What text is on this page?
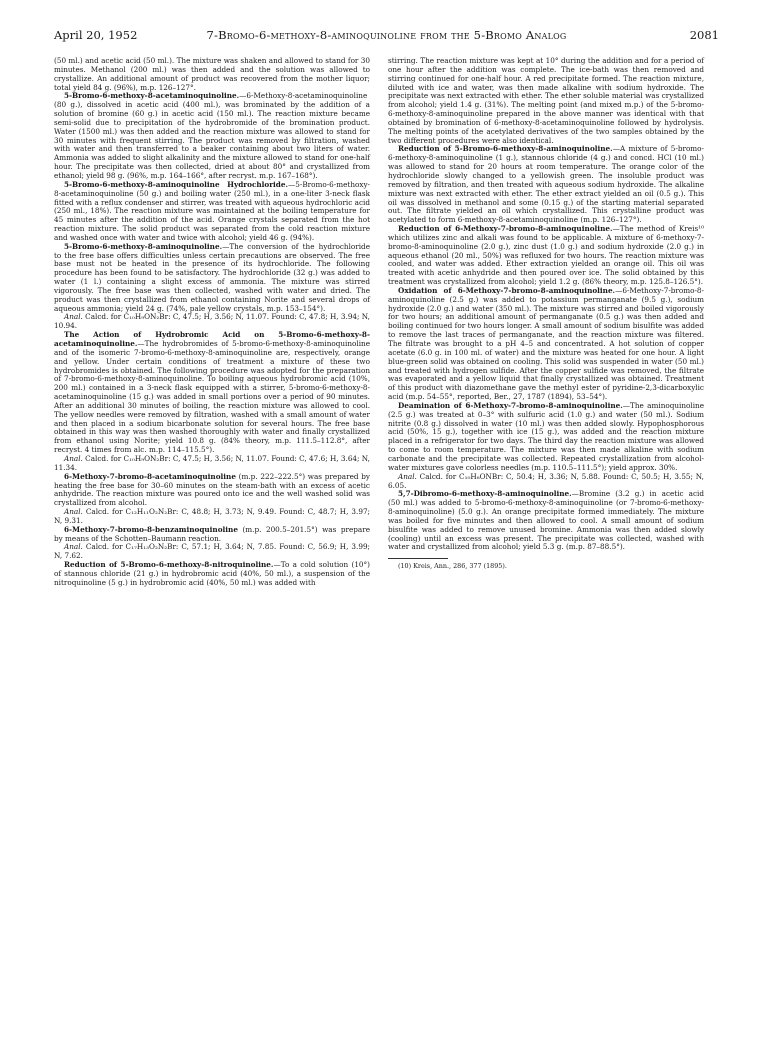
April 20, 1952	7-Bromo-6-methoxy-8-aminoquinoline from the 5-Bromo Analog	2081

(50 ml.) and acetic acid (50 ml.). The mixture was shaken and allowed to stand for 30 minutes. Methanol (200 ml.) was then added and the solution was allowed to crystallize. An additional amount of product was recovered from the mother liquor; total yield 84 g. (96%), m.p. 126–127°.

5-Bromo-6-methoxy-8-acetaminoquinoline.—6-Methoxy-8-acetaminoquinoline (80 g.), dissolved in acetic acid (400 ml.), was brominated by the addition of a solution of bromine (60 g.) in acetic acid (150 ml.). The reaction mixture became semi-solid due to precipitation of the hydrobromide of the bromination product. Water (1500 ml.) was then added and the reaction mixture was allowed to stand for 30 minutes with frequent stirring. The product was removed by filtration, washed with water and then transferred to a beaker containing about two liters of water. Ammonia was added to slight alkalinity and the mixture allowed to stand for one-half hour. The precipitate was then collected, dried at about 80° and crystallized from ethanol; yield 98 g. (96%, m.p. 164–166°, after recryst. m.p. 167–168°).

5-Bromo-6-methoxy-8-aminoquinoline Hydrochloride.—5-Bromo-6-methoxy-8-acetaminoquinoline (50 g.) and boiling water (250 ml.), in a one-liter 3-neck flask fitted with a reflux condenser and stirrer, was treated with aqueous hydrochloric acid (250 ml., 18%). The reaction mixture was maintained at the boiling temperature for 45 minutes after the addition of the acid. Orange crystals separated from the hot reaction mixture. The solid product was separated from the cold reaction mixture and washed once with water and twice with alcohol; yield 46 g. (94%).

5-Bromo-6-methoxy-8-aminoquinoline.—The conversion of the hydrochloride to the free base offers difficulties unless certain precautions are observed. The free base must not be heated in the presence of its hydrochloride. The following procedure has been found to be satisfactory. The hydrochloride (32 g.) was added to water (1 l.) containing a slight excess of ammonia. The mixture was stirred vigorously. The free base was then collected, washed with water and dried. The product was then crystallized from ethanol containing Norite and several drops of aqueous ammonia; yield 24 g. (74%, pale yellow crystals, m.p. 153–154°).

Anal. Calcd. for C₁₀H₉ON₂Br: C, 47.5; H, 3.56; N, 11.07. Found: C, 47.8; H, 3.94; N, 10.94.

The Action of Hydrobromic Acid on 5-Bromo-6-methoxy-8-acetaminoquinoline.—The hydrobromides of 5-bromo-6-methoxy-8-aminoquinoline and of the isomeric 7-bromo-6-methoxy-8-aminoquinoline are, respectively, orange and yellow. Under certain conditions of treatment a mixture of these two hydrobromides is obtained. The following procedure was adopted for the preparation of 7-bromo-6-methoxy-8-aminoquinoline. To boiling aqueous hydrobromic acid (10%, 200 ml.) contained in a 3-neck flask equipped with a stirrer, 5-bromo-6-methoxy-8-acetaminoquinoline (15 g.) was added in small portions over a period of 90 minutes. After an additional 30 minutes of boiling, the reaction mixture was allowed to cool. The yellow needles were removed by filtration, washed with a small amount of water and then placed in a sodium bicarbonate solution for several hours. The free base obtained in this way was then washed thoroughly with water and finally crystallized from ethanol using Norite; yield 10.8 g. (84% theory, m.p. 111.5–112.8°, after recryst. 4 times from alc. m.p. 114–115.5°).

Anal. Calcd. for C₁₀H₉ON₂Br: C, 47.5; H, 3.56; N, 11.07. Found: C, 47.6; H, 3.64; N, 11.34.

6-Methoxy-7-bromo-8-acetaminoquinoline (m.p. 222–222.5°) was prepared by heating the free base for 30–60 minutes on the steam-bath with an excess of acetic anhydride. The reaction mixture was poured onto ice and the well washed solid was crystallized from alcohol.

Anal. Calcd. for C₁₂H₁₁O₂N₂Br: C, 48.8; H, 3.73; N, 9.49. Found: C, 48.7; H, 3.97; N, 9.31.

6-Methoxy-7-bromo-8-benzaminoquinoline (m.p. 200.5–201.5°) was prepare by means of the Schotten–Baumann reaction.

Anal. Calcd. for C₁₇H₁₃O₂N₂Br: C, 57.1; H, 3.64; N, 7.85. Found: C, 56.9; H, 3.99; N, 7.62.

Reduction of 5-Bromo-6-methoxy-8-nitroquinoline.—To a cold solution (10°) of stannous chloride (21 g.) in hydrobromic acid (40%, 50 ml.), a suspension of the nitroquinoline (5 g.) in hydrobromic acid (40%, 50 ml.) was added with

stirring. The reaction mixture was kept at 10° during the addition and for a period of one hour after the addition was complete. The ice-bath was then removed and stirring continued for one-half hour. A red precipitate formed. The reaction mixture, diluted with ice and water, was then made alkaline with sodium hydroxide. The precipitate was next extracted with ether. The ether soluble material was crystallized from alcohol; yield 1.4 g. (31%). The melting point (and mixed m.p.) of the 5-bromo-6-methoxy-8-aminoquinoline prepared in the above manner was identical with that obtained by bromination of 6-methoxy-8-acetaminoquinoline followed by hydrolysis. The melting points of the acetylated derivatives of the two samples obtained by the two different procedures were also identical.

Reduction of 5-Bromo-6-methoxy-8-aminoquinoline.—A mixture of 5-bromo-6-methoxy-8-aminoquinoline (1 g.), stannous chloride (4 g.) and concd. HCl (10 ml.) was allowed to stand for 20 hours at room temperature. The orange color of the hydrochloride slowly changed to a yellowish green. The insoluble product was removed by filtration, and then treated with aqueous sodium hydroxide. The alkaline mixture was next extracted with ether. The ether extract yielded an oil (0.5 g.). This oil was dissolved in methanol and some (0.15 g.) of the starting material separated out. The filtrate yielded an oil which crystallized. This crystalline product was acetylated to form 6-methoxy-8-acetaminoquinoline (m.p. 126–127°).

Reduction of 6-Methoxy-7-bromo-8-aminoquinoline.—The method of Kreis¹⁰ which utilizes zinc and alkali was found to be applicable. A mixture of 6-methoxy-7-bromo-8-aminoquinoline (2.0 g.), zinc dust (1.0 g.) and sodium hydroxide (2.0 g.) in aqueous ethanol (20 ml., 50%) was refluxed for two hours. The reaction mixture was cooled, and water was added. Ether extraction yielded an orange oil. This oil was treated with acetic anhydride and then poured over ice. The solid obtained by this treatment was crystallized from alcohol; yield 1.2 g. (86% theory, m.p. 125.8–126.5°).

Oxidation of 6-Methoxy-7-bromo-8-aminoquinoline.—6-Methoxy-7-bromo-8-aminoquinoline (2.5 g.) was added to potassium permanganate (9.5 g.), sodium hydroxide (2.0 g.) and water (350 ml.). The mixture was stirred and boiled vigorously for two hours; an additional amount of permanganate (0.5 g.) was then added and boiling continued for two hours longer. A small amount of sodium bisulfite was added to remove the last traces of permanganate, and the reaction mixture was filtered. The filtrate was brought to a pH 4–5 and concentrated. A hot solution of copper acetate (6.0 g. in 100 ml. of water) and the mixture was heated for one hour. A light blue-green solid was obtained on cooling. This solid was suspended in water (50 ml.) and treated with hydrogen sulfide. After the copper sulfide was removed, the filtrate was evaporated and a yellow liquid that finally crystallized was obtained. Treatment of this product with diazomethane gave the methyl ester of pyridine-2,3-dicarboxylic acid (m.p. 54–55°, reported, Ber., 27, 1787 (1894), 53–54°).

Deamination of 6-Methoxy-7-bromo-8-aminoquinoline.—The aminoquinoline (2.5 g.) was treated at 0–3° with sulfuric acid (1.0 g.) and water (50 ml.). Sodium nitrite (0.8 g.) dissolved in water (10 ml.) was then added slowly. Hypophosphorous acid (50%, 15 g.), together with ice (15 g.), was added and the reaction mixture placed in a refrigerator for two days. The third day the reaction mixture was allowed to come to room temperature. The mixture was then made alkaline with sodium carbonate and the precipitate was collected. Repeated crystallization from alcohol-water mixtures gave colorless needles (m.p. 110.5–111.5°); yield approx. 30%.

Anal. Calcd. for C₁₀H₈ONBr: C, 50.4; H, 3.36; N, 5.88. Found: C, 50.5; H, 3.55; N, 6.05.

5,7-Dibromo-6-methoxy-8-aminoquinoline.—Bromine (3.2 g.) in acetic acid (50 ml.) was added to 5-bromo-6-methoxy-8-aminoquinoline (or 7-bromo-6-methoxy-8-aminoquinoline) (5.0 g.). An orange precipitate formed immediately. The mixture was boiled for five minutes and then allowed to cool. A small amount of sodium bisulfite was added to remove unused bromine. Ammonia was then added slowly (cooling) until an excess was present. The precipitate was collected, washed with water and crystallized from alcohol; yield 5.3 g. (m.p. 87–88.5°).

(10) Kreis, Ann., 286, 377 (1895).
